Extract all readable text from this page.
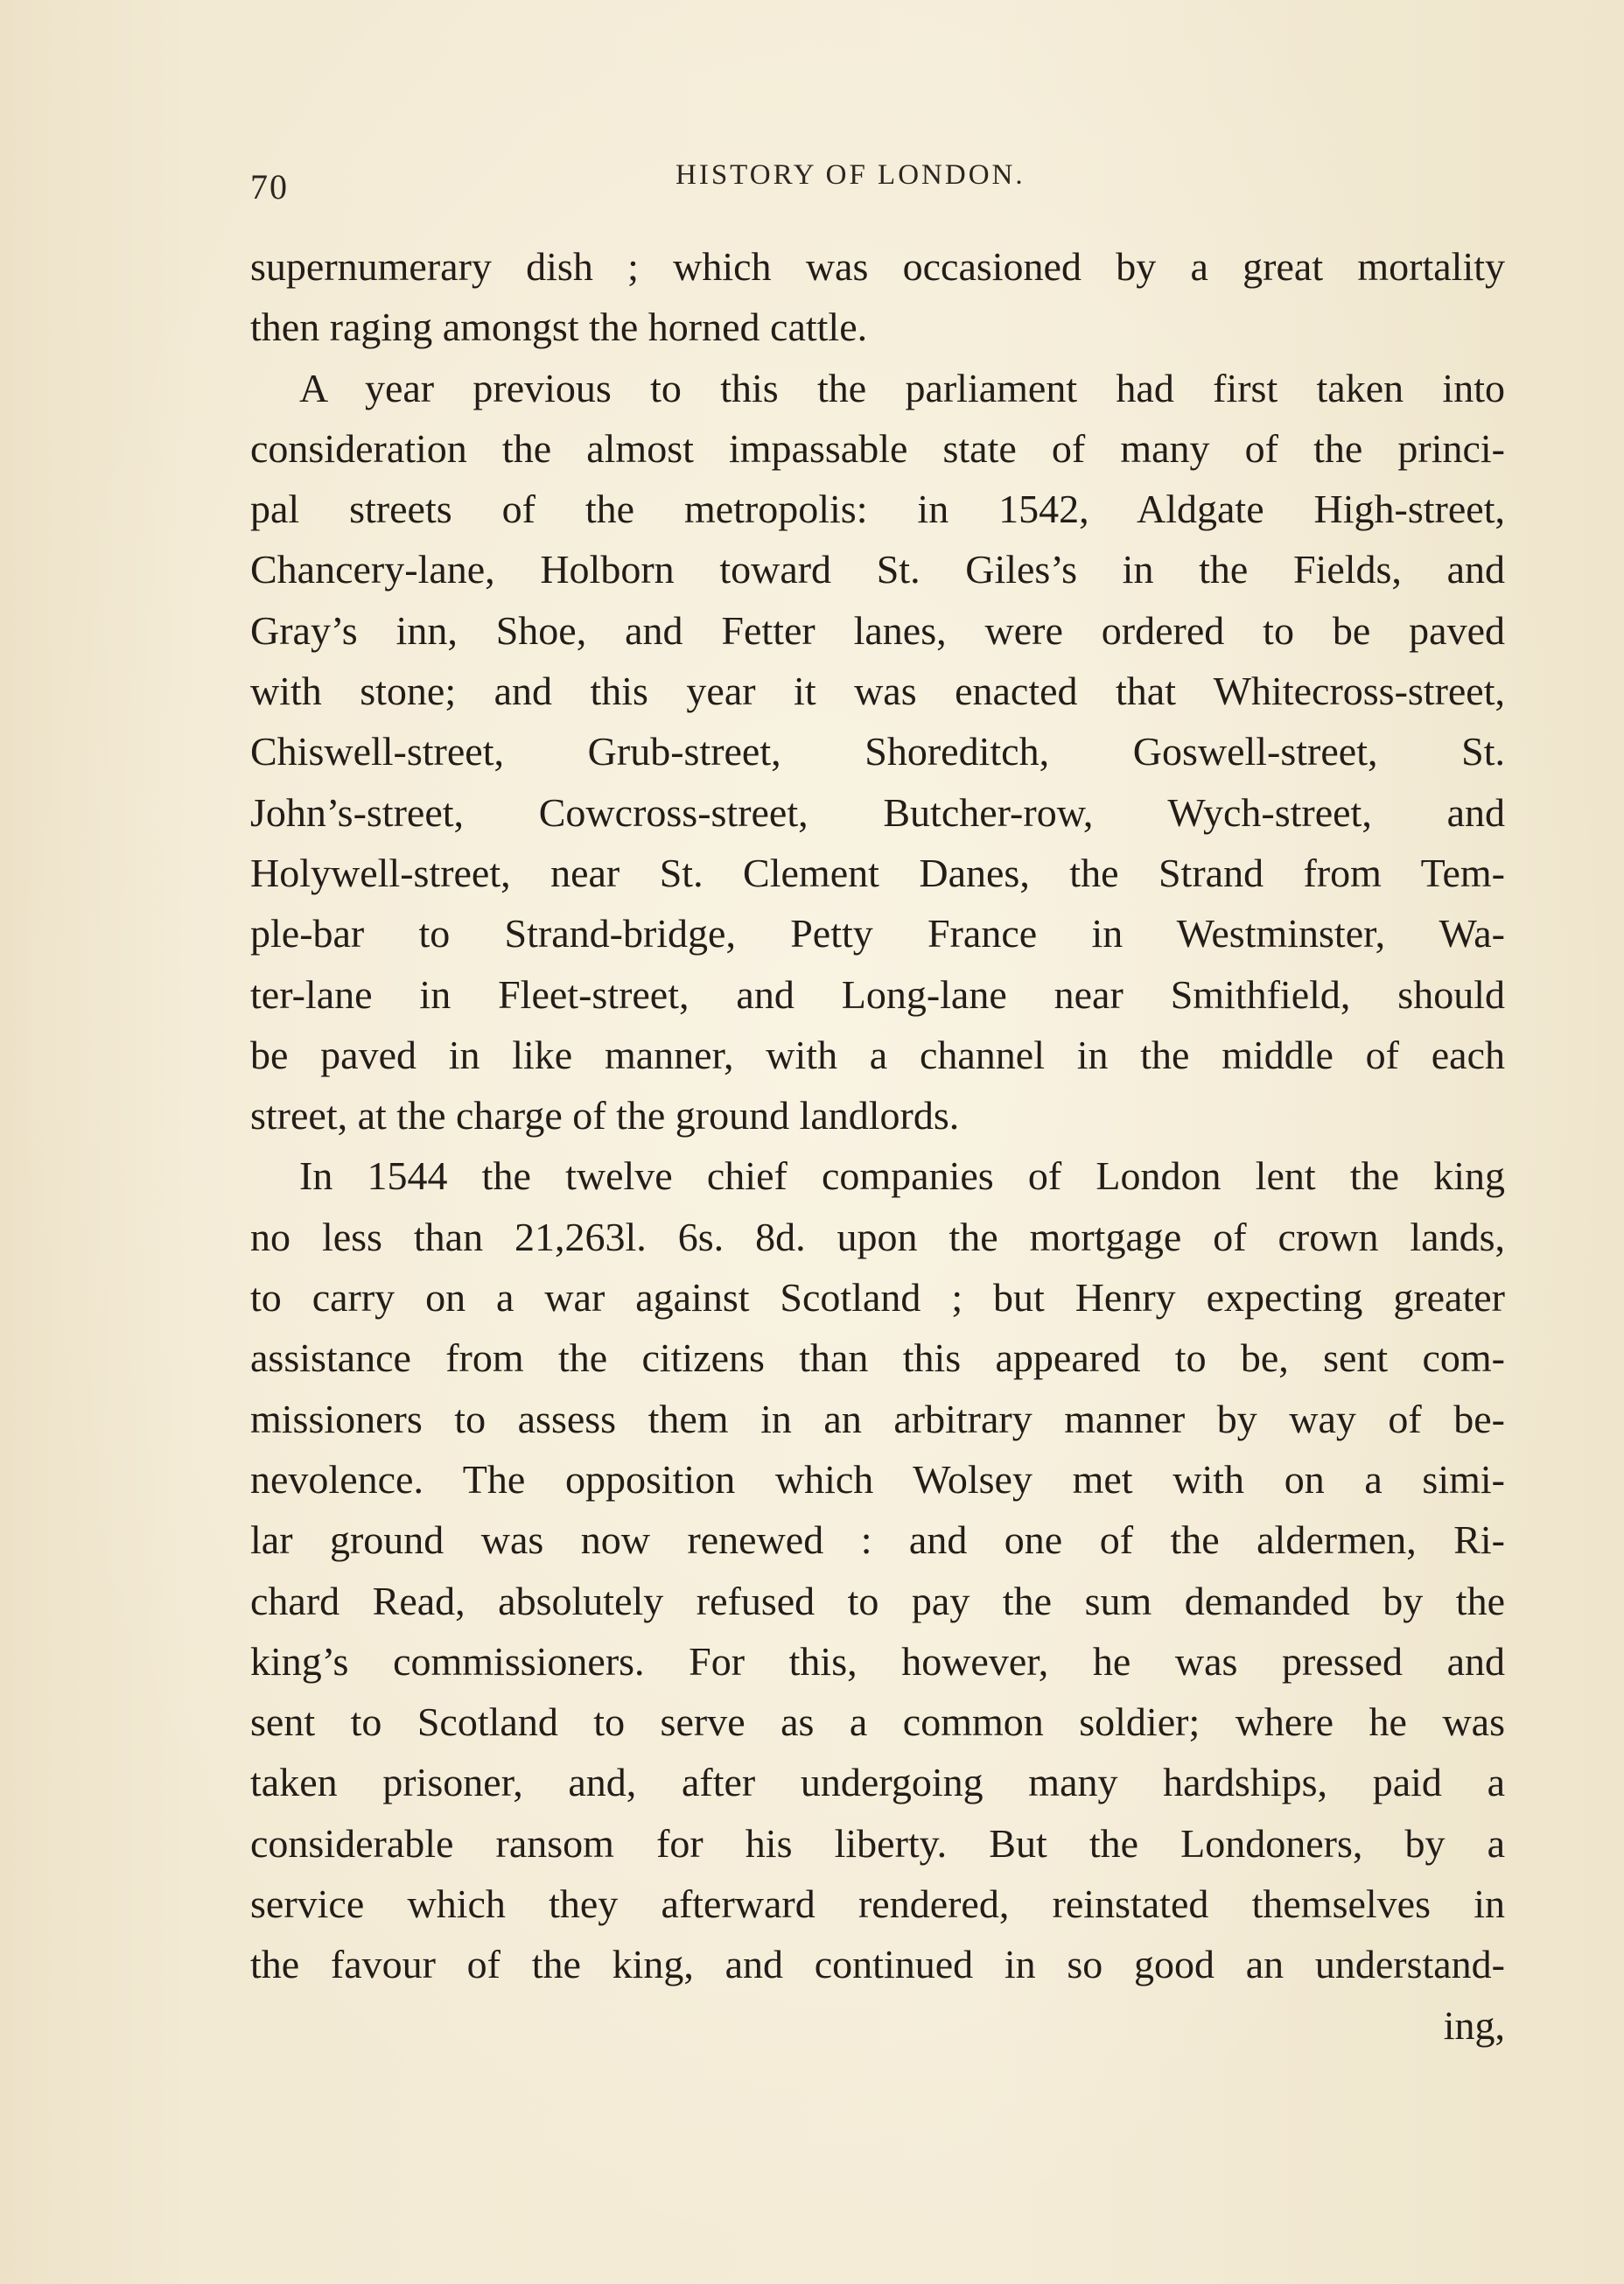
70	HISTORY OF LONDON.
supernumerary dish ; which was occasioned by a great mortality
then raging amongst the horned cattle.
A year previous to this the parliament had first taken into
consideration the almost impassable state of many of the princi-
pal streets of the metropolis: in 1542, Aldgate High-street,
Chancery-lane, Holborn toward St. Giles’s in the Fields, and
Gray’s inn, Shoe, and Fetter lanes, were ordered to be paved
with stone; and this year it was enacted that Whitecross-street,
Chiswell-street, Grub-street, Shoreditch, Goswell-street, St.
John’s-street, Cowcross-street, Butcher-row, Wych-street, and
Holywell-street, near St. Clement Danes, the Strand from Tem-
ple-bar to Strand-bridge, Petty France in Westminster, Wa-
ter-lane in Fleet-street, and Long-lane near Smithfield, should
be paved in like manner, with a channel in the middle of each
street, at the charge of the ground landlords.
In 1544 the twelve chief companies of London lent the king
no less than 21,263l. 6s. 8d. upon the mortgage of crown lands,
to carry on a war against Scotland ; but Henry expecting greater
assistance from the citizens than this appeared to be, sent com-
missioners to assess them in an arbitrary manner by way of be-
nevolence. The opposition which Wolsey met with on a simi-
lar ground was now renewed : and one of the aldermen, Ri-
chard Read, absolutely refused to pay the sum demanded by the
king’s commissioners. For this, however, he was pressed and
sent to Scotland to serve as a common soldier; where he was
taken prisoner, and, after undergoing many hardships, paid a
considerable ransom for his liberty. But the Londoners, by a
service which they afterward rendered, reinstated themselves in
the favour of the king, and continued in so good an understand-
ing,
